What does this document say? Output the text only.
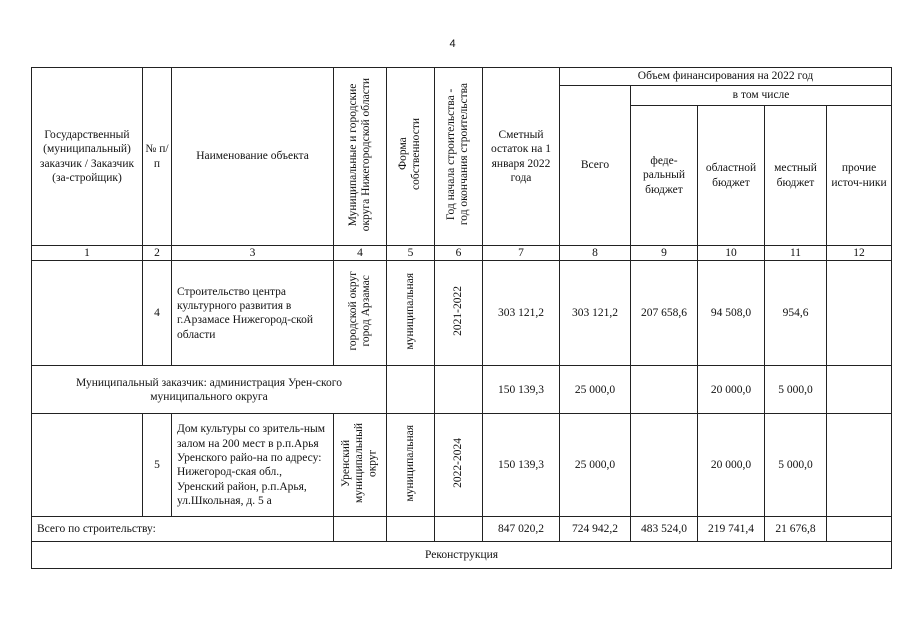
4
Государственный (муниципальный) заказчик / Заказчик (за-стройщик)	№ п/п	Наименование объекта	Муниципальные и городские
округа Нижегородской области	Форма
собственности	Год начала строительства -
год окончания строительства	Сметный остаток на 1 января 2022 года	Объем финансирования на 2022 год				
							Всего	в том числе			
								феде-ральный бюджет	областной бюджет	местный бюджет	прочие источ-ники
1	2	3	4	5	6	7	8	9	10	11	12
	4	Строительство центра культурного развития в г.Арзамасе Нижегород-ской области	городской округ
город Арзамас	муниципальная	2021-2022	303 121,2	303 121,2	207 658,6	94 508,0	954,6	
Муниципальный заказчик: администрация Урен-ского муниципального округа						150 139,3	25 000,0		20 000,0	5 000,0	
	5	Дом культуры со зритель-ным залом на 200 мест в р.п.Арья Уренского райо-на по адресу: Нижегород-ская обл., Уренский район, р.п.Арья, ул.Школьная, д. 5 а	Уренский
муниципальный
округ	муниципальная	2022-2024	150 139,3	25 000,0		20 000,0	5 000,0	
Всего по строительству:						847 020,2	724 942,2	483 524,0	219 741,4	21 676,8	
Реконструкция											
